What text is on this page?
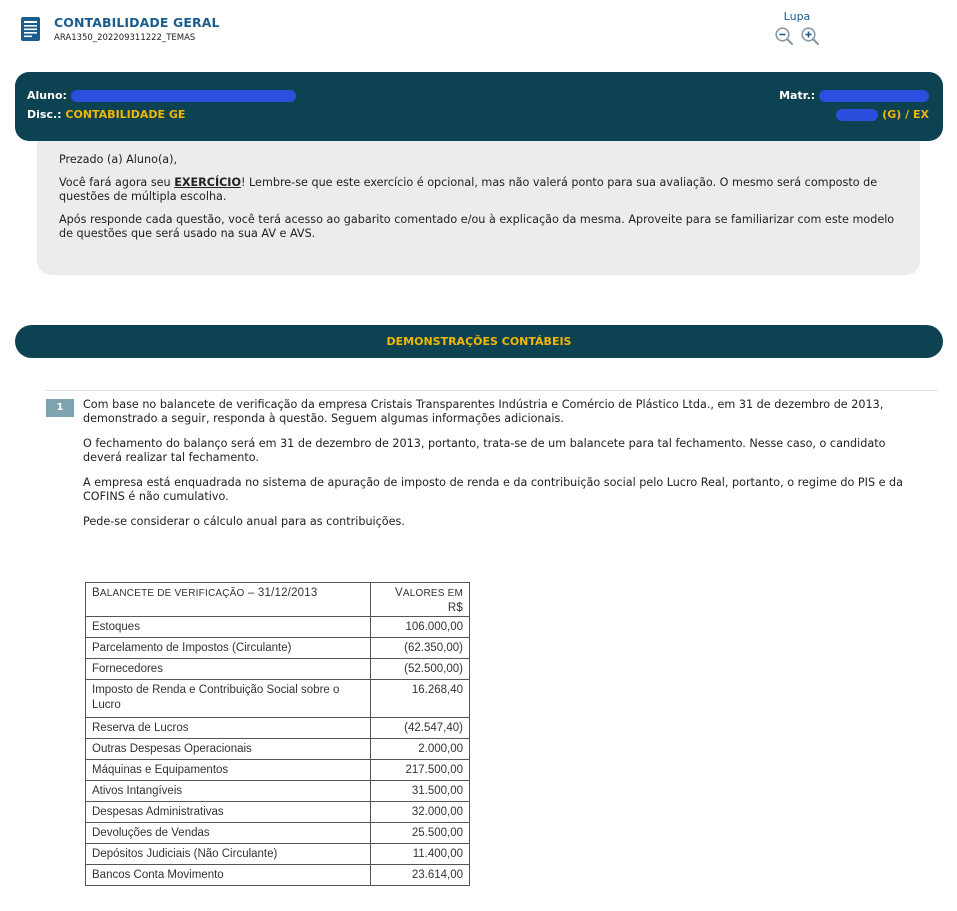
CONTABILIDADE GERAL
ARA1350_202209311222_TEMAS
Lupa
Aluno:
Disc.: CONTABILIDADE GE
Matr.:
(G) / EX

Prezado (a) Aluno(a),

Você fará agora seu EXERCÍCIO! Lembre-se que este exercício é opcional, mas não valerá ponto para sua avaliação. O mesmo será composto de questões de múltipla escolha.

Após responde cada questão, você terá acesso ao gabarito comentado e/ou à explicação da mesma. Aproveite para se familiarizar com este modelo de questões que será usado na sua AV e AVS.

DEMONSTRAÇÕES CONTÁBEIS
1	Com base no balancete de verificação da empresa Cristais Transparentes Indústria e Comércio de Plástico Ltda., em 31 de dezembro de 2013, demonstrado a seguir, responda à questão. Seguem algumas informações adicionais.

O fechamento do balanço será em 31 de dezembro de 2013, portanto, trata-se de um balancete para tal fechamento. Nesse caso, o candidato deverá realizar tal fechamento.

A empresa está enquadrada no sistema de apuração de imposto de renda e da contribuição social pelo Lucro Real, portanto, o regime do PIS e da COFINS é não cumulativo.

Pede-se considerar o cálculo anual para as contribuições.

BALANCETE DE VERIFICAÇÃO – 31/12/2013	VALORES EM R$
Estoques	106.000,00
Parcelamento de Impostos (Circulante)	(62.350,00)
Fornecedores	(52.500,00)
Imposto de Renda e Contribuição Social sobre o Lucro	16.268,40
Reserva de Lucros	(42.547,40)
Outras Despesas Operacionais	2.000,00
Máquinas e Equipamentos	217.500,00
Ativos Intangíveis	31.500,00
Despesas Administrativas	32.000,00
Devoluções de Vendas	25.500,00
Depósitos Judiciais (Não Circulante)	11.400,00
Bancos Conta Movimento	23.614,00
